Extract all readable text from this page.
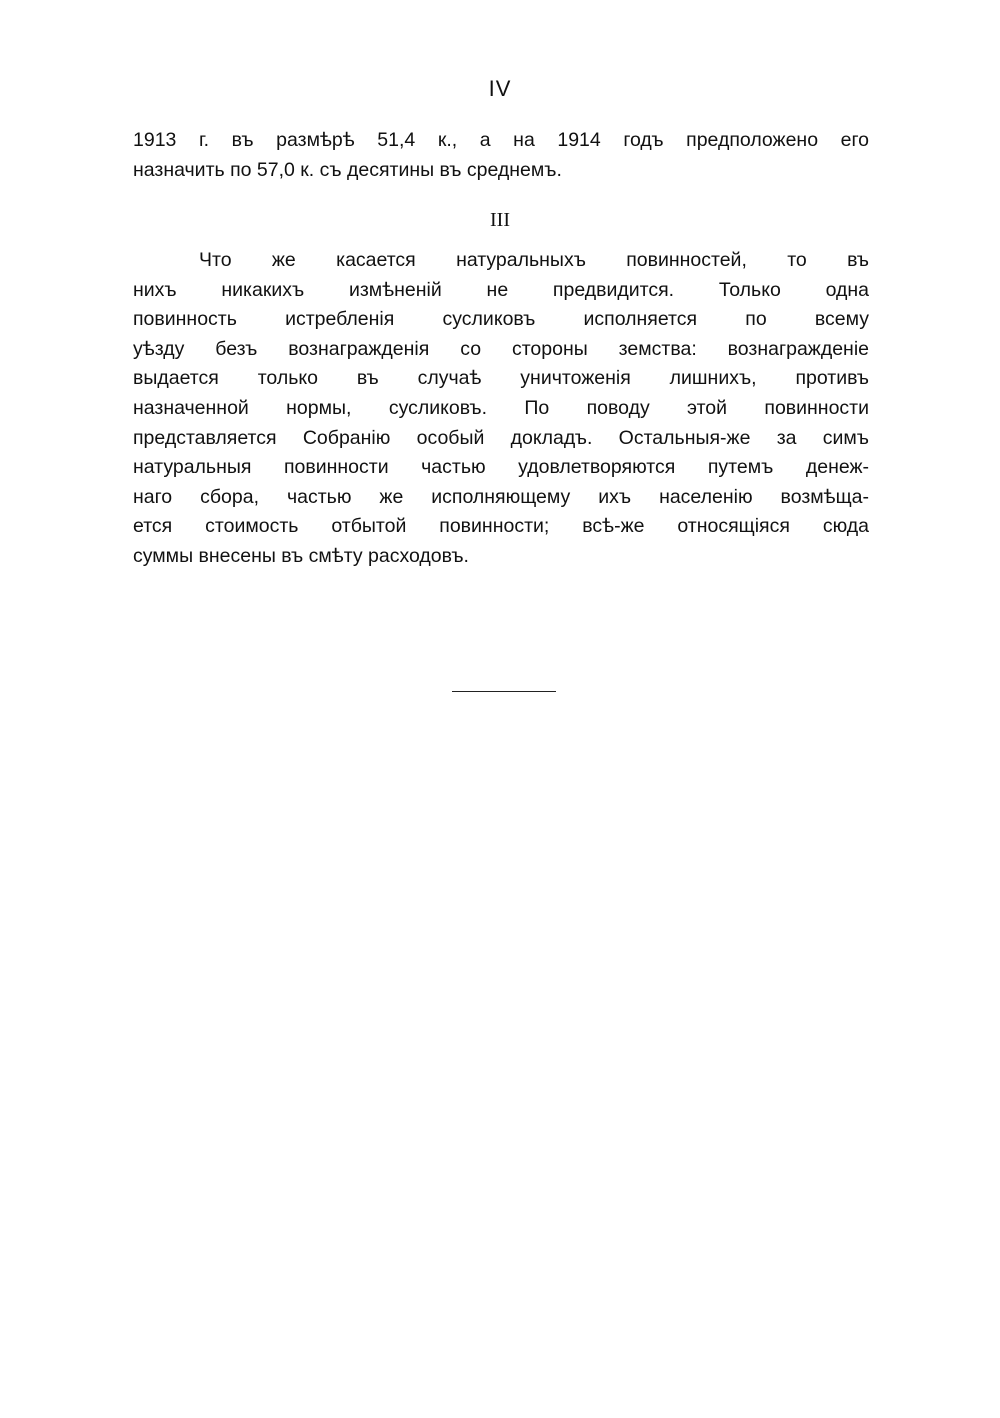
IV
1913 г. въ размѣрѣ 51,4 к., а на 1914 годъ предположено его
назначить по 57,0 к. съ десятины въ среднемъ.
III
Что же касается натуральныхъ повинностей, то въ
нихъ никакихъ измѣненій не предвидится. Только одна
повинность истребленія сусликовъ исполняется по всему
уѣзду безъ вознагражденія со стороны земства: вознагражденіе
выдается только въ случаѣ уничтоженія лишнихъ, противъ
назначенной нормы, сусликовъ. По поводу этой повинности
представляется Собранію особый докладъ. Остальныя-же за симъ
натуральныя повинности частью удовлетворяются путемъ денеж-
наго сбора, частью же исполняющему ихъ населенію возмѣща-
ется стоимость отбытой повинности; всѣ-же относящіяся сюда
суммы внесены въ смѣту расходовъ.
